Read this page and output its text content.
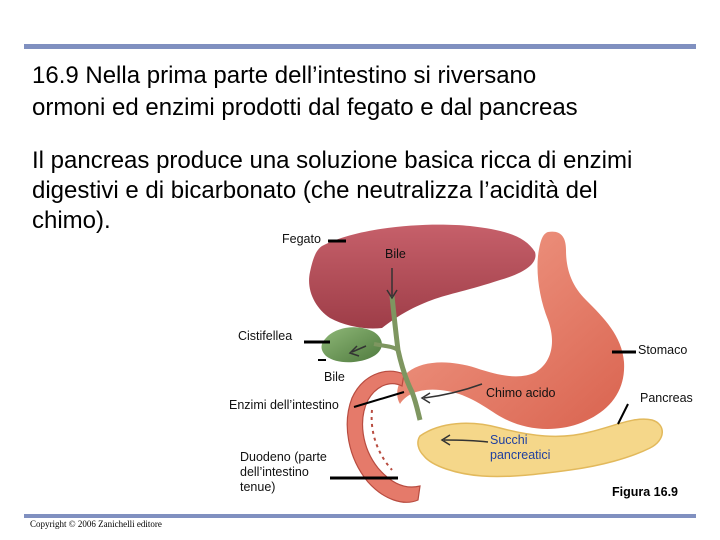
16.9 Nella prima parte dell’intestino si riversano
ormoni ed enzimi prodotti dal fegato e dal pancreas
Il pancreas produce una soluzione basica ricca di enzimi
digestivi e di bicarbonato (che neutralizza l’acidità del
chimo).
Fegato
Bile
Cistifellea
Stomaco
Bile
Enzimi dell’intestino
Chimo acido	Pancreas
Duodeno (parte
dell’intestino
tenue)
Succhi
pancreatici
Figura 16.9
Copyright © 2006 Zanichelli editore
